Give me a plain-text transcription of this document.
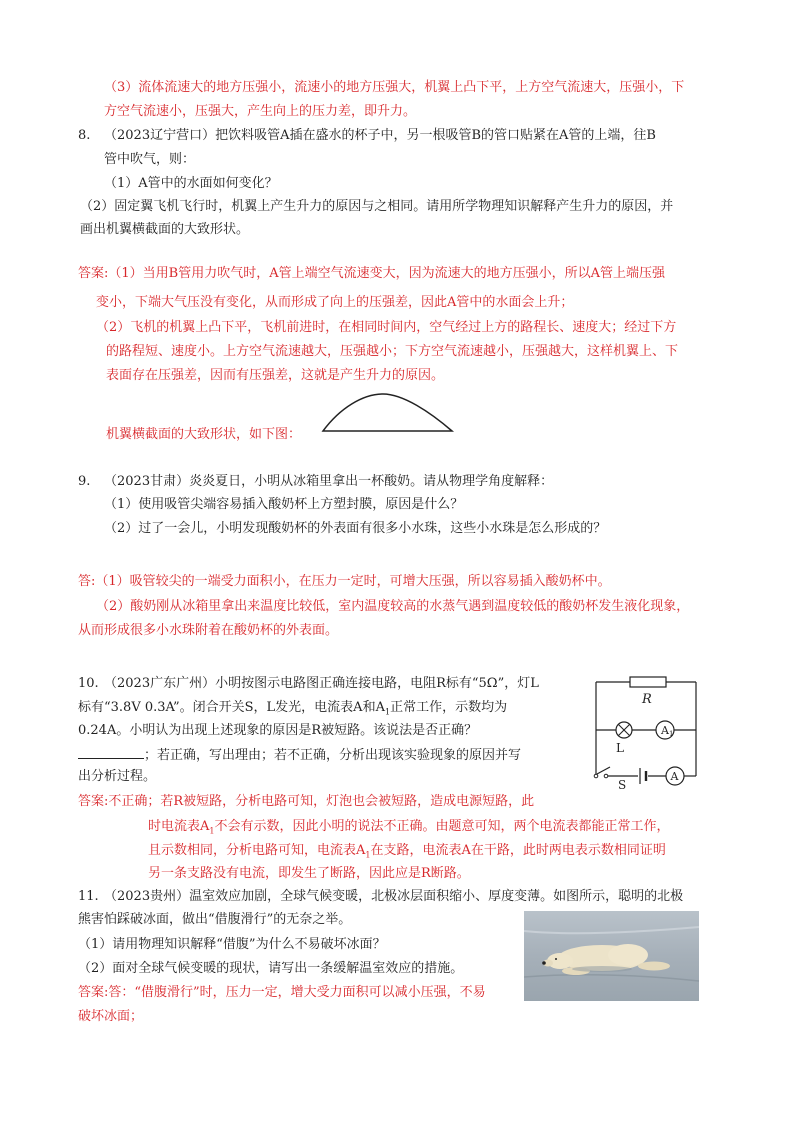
（3）流体流速大的地方压强小，流速小的地方压强大，机翼上凸下平，上方空气流速大，压强小，下
方空气流速小，压强大，产生向上的压力差，即升力。
8. （2023辽宁营口）把饮料吸管A插在盛水的杯子中，另一根吸管B的管口贴紧在A管的上端，往B
管中吹气，则：
（1）A管中的水面如何变化？
（2）固定翼飞机飞行时，机翼上产生升力的原因与之相同。请用所学物理知识解释产生升力的原因，并
画出机翼横截面的大致形状。
答案:（1）当用B管用力吹气时，A管上端空气流速变大，因为流速大的地方压强小，所以A管上端压强
变小，下端大气压没有变化，从而形成了向上的压强差，因此A管中的水面会上升；
（2）飞机的机翼上凸下平，飞机前进时，在相同时间内，空气经过上方的路程长、速度大；经过下方
的路程短、速度小。上方空气流速越大，压强越小；下方空气流速越小，压强越大，这样机翼上、下
表面存在压强差，因而有压强差，这就是产生升力的原因。
机翼横截面的大致形状，如下图：
9. （2023甘肃）炎炎夏日，小明从冰箱里拿出一杯酸奶。请从物理学角度解释：
（1）使用吸管尖端容易插入酸奶杯上方塑封膜，原因是什么？
（2）过了一会儿，小明发现酸奶杯的外表面有很多小水珠，这些小水珠是怎么形成的？
答:（1）吸管较尖的一端受力面积小，在压力一定时，可增大压强，所以容易插入酸奶杯中。
（2）酸奶刚从冰箱里拿出来温度比较低，室内温度较高的水蒸气遇到温度较低的酸奶杯发生液化现象，
从而形成很多小水珠附着在酸奶杯的外表面。
10. （2023广东广州）小明按图示电路图正确连接电路，电阻R标有“5Ω”，灯L
标有“3.8V 0.3A”。闭合开关S，L发光，电流表A和$A_1$正常工作，示数均为
0.24A。小明认为出现上述现象的原因是R被短路。该说法是否正确？
；若正确，写出理由；若不正确，分析出现该实验现象的原因并写
出分析过程。
A 1
A
R
L
S
答案:不正确；若R被短路，分析电路可知，灯泡也会被短路，造成电源短路，此
时电流表$A_1$不会有示数，因此小明的说法不正确。由题意可知，两个电流表都能正常工作，
且示数相同，分析电路可知，电流表$A_1$在支路，电流表A在干路，此时两电表示数相同证明
另一条支路没有电流，即发生了断路，因此应是R断路。
11. （2023贵州）温室效应加剧，全球气候变暖，北极冰层面积缩小、厚度变薄。如图所示，聪明的北极
熊害怕踩破冰面，做出“借腹滑行”的无奈之举。
（1）请用物理知识解释“借腹”为什么不易破坏冰面？
（2）面对全球气候变暖的现状，请写出一条缓解温室效应的措施。
答案:答：“借腹滑行”时，压力一定，增大受力面积可以减小压强，不易
破坏冰面；
